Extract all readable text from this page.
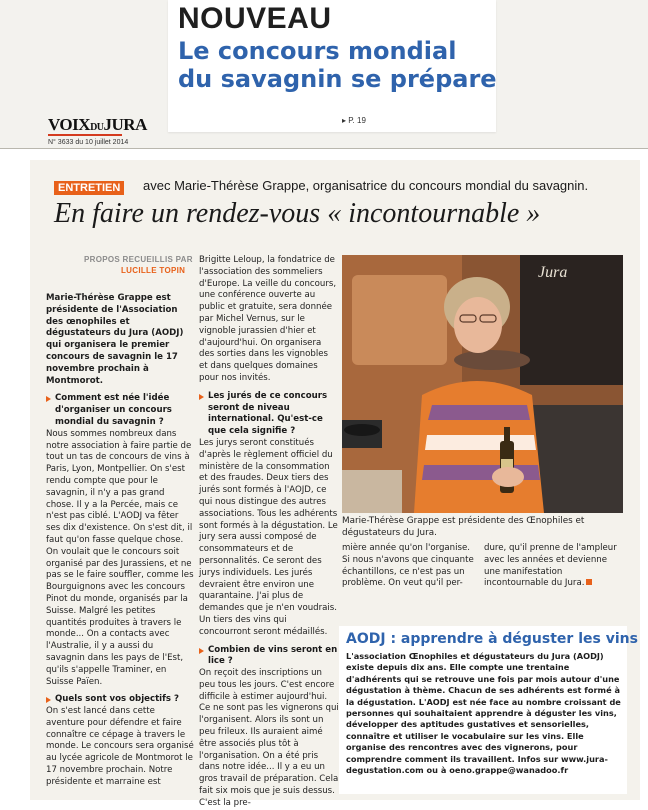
NOUVEAU
Le concours mondial du savagnin se prépare
▸ P. 19
VOIXDUJURA
N° 3633 du 10 juillet 2014
ENTRETIEN	avec Marie-Thérèse Grappe, organisatrice du concours mondial du savagnin.
En faire un rendez-vous « incontournable »
PROPOS RECUEILLIS PAR
LUCILLE TOPIN

Marie-Thérèse Grappe est présidente de l'Association des œnophiles et dégustateurs du Jura (AODJ) qui organisera le premier concours de savagnin le 17 novembre prochain à Montmorot.

Comment est née l'idée d'organiser un concours mondial du savagnin ?

Nous sommes nombreux dans notre association à faire partie de tout un tas de concours de vins à Paris, Lyon, Montpellier. On s'est rendu compte que pour le savagnin, il n'y a pas grand chose. Il y a la Percée, mais ce n'est pas ciblé. L'AODJ va fêter ses dix d'existence. On s'est dit, il faut qu'on fasse quelque chose. On voulait que le concours soit organisé par des Jurassiens, et ne pas se le faire souffler, comme les Bourguignons avec les concours Pinot du monde, organisés par la Suisse. Malgré les petites quantités produites à travers le monde... On a contacts avec l'Australie, il y a aussi du savagnin dans les pays de l'Est, qu'ils s'appelle Traminer, en Suisse Païen.

Quels sont vos objectifs ?

On s'est lancé dans cette aventure pour défendre et faire connaître ce cépage à travers le monde. Le concours sera organisé au lycée agricole de Montmorot le 17 novembre prochain. Notre présidente et marraine est

Brigitte Leloup, la fondatrice de l'association des sommeliers d'Europe. La veille du concours, une conférence ouverte au public et gratuite, sera donnée par Michel Vernus, sur le vignoble jurassien d'hier et d'aujourd'hui. On organisera des sorties dans les vignobles et dans quelques domaines pour nos invités.

Les jurés de ce concours seront de niveau international. Qu'est-ce que cela signifie ?

Les jurys seront constitués d'après le règlement officiel du ministère de la consommation et des fraudes. Deux tiers des jurés sont formés à l'AOJD, ce qui nous distingue des autres associations. Tous les adhérents sont formés à la dégustation. Le jury sera aussi composé de consommateurs et de personnalités. Ce seront des jurys individuels. Les jurés devraient être environ une quarantaine. J'ai plus de demandes que je n'en voudrais. Un tiers des vins qui concourront seront médaillés.

Combien de vins seront en lice ?

On reçoit des inscriptions un peu tous les jours. C'est encore difficile à estimer aujourd'hui. Ce ne sont pas les vignerons qui l'organisent. Alors ils sont un peu frileux. Ils auraient aimé être associés plus tôt à l'organisation. On a été pris dans notre idée... Il y a eu un gros travail de préparation. Cela fait six mois que je suis dessus. C'est la pre-

Jura
Marie-Thérèse Grappe est présidente des Œnophiles et dégustateurs du Jura.

mière année qu'on l'organise. Si nous n'avons que cinquante échantillons, ce n'est pas un problème. On veut qu'il per-

dure, qu'il prenne de l'ampleur avec les années et devienne une manifestation incontournable du Jura.

AODJ : apprendre à déguster les vins
L'association Œnophiles et dégustateurs du Jura (AODJ) existe depuis dix ans. Elle compte une trentaine d'adhérents qui se retrouve une fois par mois autour d'une dégustation à thème. Chacun de ses adhérents est formé à la dégustation. L'AODJ est née face au nombre croissant de personnes qui souhaitaient apprendre à déguster les vins, développer des aptitudes gustatives et sensorielles, connaître et utiliser le vocabulaire sur les vins. Elle organise des rencontres avec des vignerons, pour comprendre comment ils travaillent. Infos sur www.jura-degustation.com ou à oeno.grappe@wanadoo.fr
